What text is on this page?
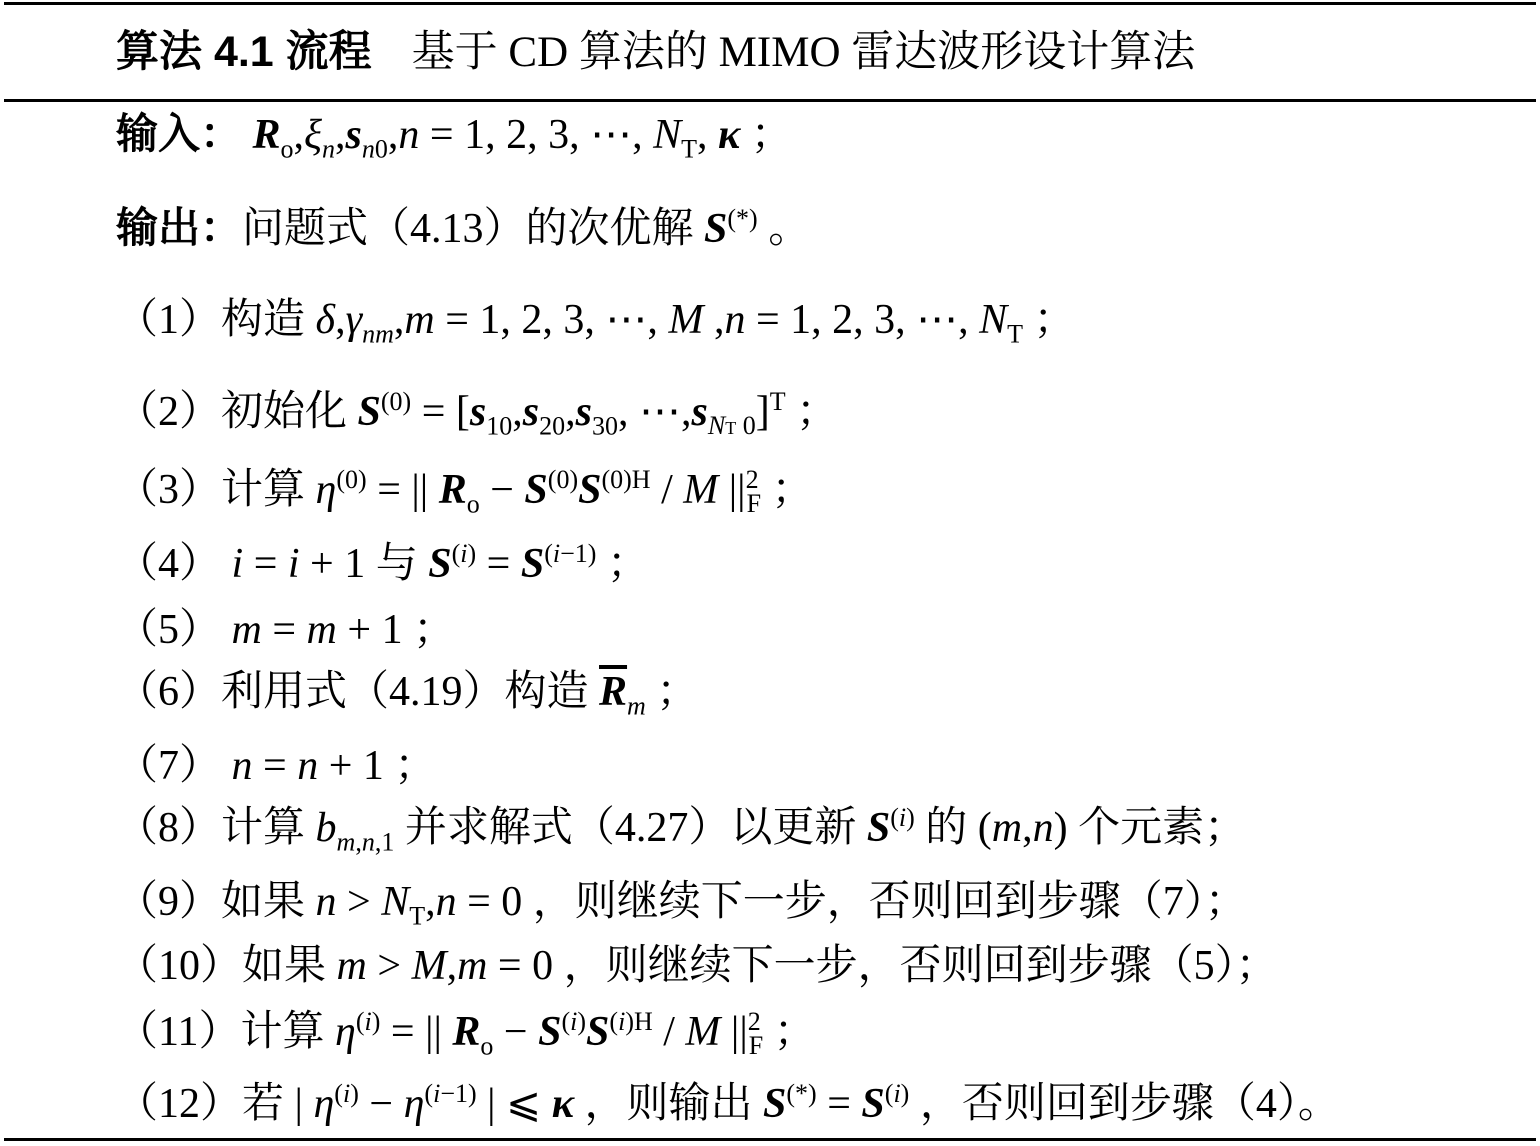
算法 4.1 流程 基于 CD 算法的 MIMO 雷达波形设计算法
输入： $R_o,\xi_n,s_{n0},n = 1$, 2, 3, ⋯, $N_T$, κ ；
输出：问题式（4.13）的次优解 S(*) 。
（1）构造 $\delta,\gamma_{nm},m = 1$, 2, 3, ⋯, M ,n = 1, 2, 3, ⋯, $N_T$ ；
（2）初始化 $S^{(0)} = [s_{10},s_{20},s_{30}$, $\cdots,s_{NT 0}]^T$ ；
（3）计算 $\eta^{(0)}$ = || $R_o - S^{(0)}S^{(0)H} / M$ $||^2_F$ ；
（4） i = i + 1 与 $S^{(i)} = S^{(i-1)}$ ；
（5） m = m + 1 ；
（6）利用式（4.19）构造 $\overline{R}_m$ ；
（7） n = n + 1 ；
（8）计算 $b_{m,n,1}$ 并求解式（4.27）以更新 $S^{(i)}$ 的 (m,n) 个元素；
（9）如果 $n > N_T,n = 0$ ，则继续下一步，否则回到步骤（7）；
（10）如果 m > M,m = 0 ，则继续下一步，否则回到步骤（5）；
（11）计算 $\eta^{(i)}$ = || $R_o - S^{(i)}S^{(i)H} / M$ $||^2_F$ ；
（12）若 | $\eta^{(i)} - \eta^{(i-1)}$ | ⩽ κ ，则输出 $S^{(*)} = S^{(i)}$ ，否则回到步骤（4）。
